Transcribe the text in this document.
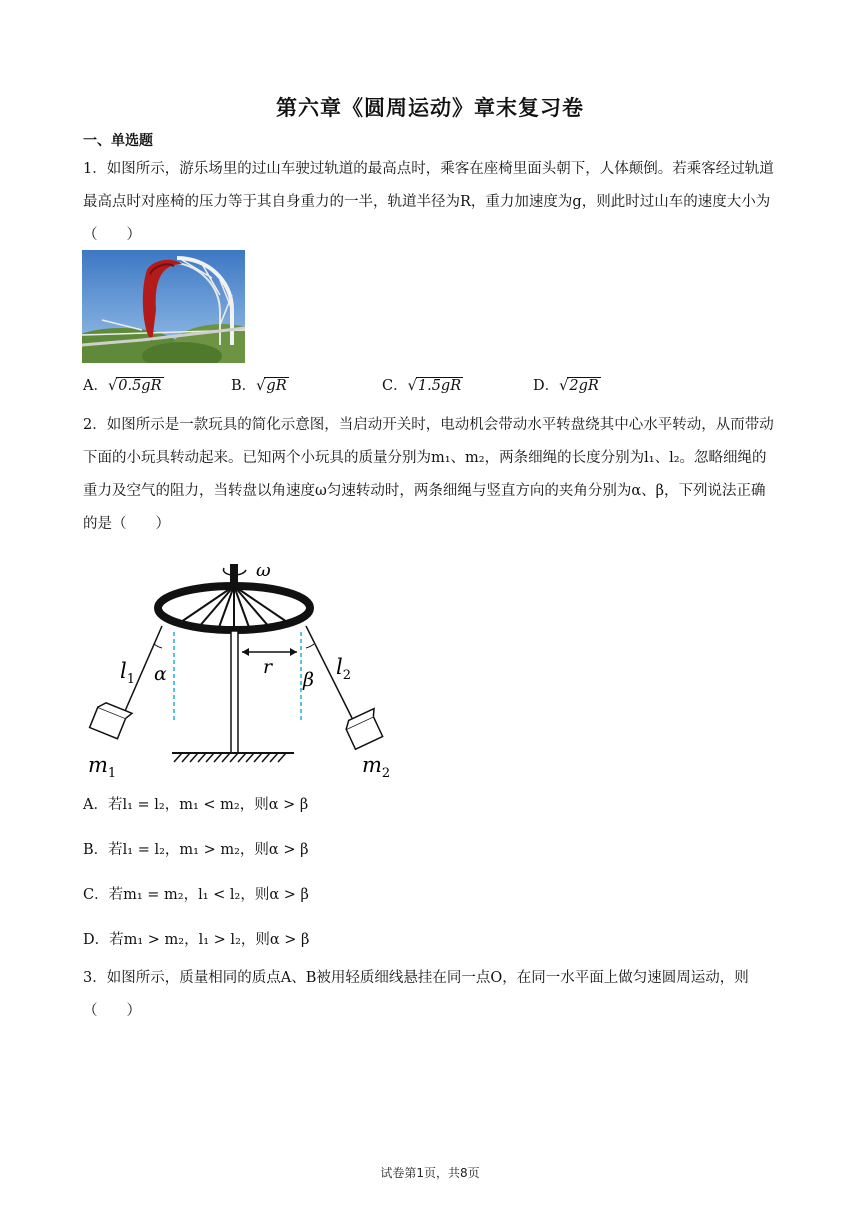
第六章《圆周运动》章末复习卷
一、单选题

1．如图所示，游乐场里的过山车驶过轨道的最高点时，乘客在座椅里面头朝下，人体颠倒。若乘客经过轨道最高点时对座椅的压力等于其自身重力的一半，轨道半径为R，重力加速度为g，则此时过山车的速度大小为（　　）

A．√0.5gR	B．√gR	C．√1.5gR	D．√2gR

2．如图所示是一款玩具的简化示意图，当启动开关时，电动机会带动水平转盘绕其中心水平转动，从而带动下面的小玩具转动起来。已知两个小玩具的质量分别为m₁、m₂，两条细绳的长度分别为l₁、l₂。忽略细绳的重力及空气的阻力，当转盘以角速度ω匀速转动时，两条细绳与竖直方向的夹角分别为α、β，下列说法正确的是（　　）

ω
r
α	β
$l_1$
$l_2$
$m_1$	$m_2$

A．若l₁ = l₂，m₁ < m₂，则α > β

B．若l₁ = l₂，m₁ > m₂，则α > β

C．若m₁ = m₂，l₁ < l₂，则α > β

D．若m₁ > m₂，l₁ > l₂，则α > β

3．如图所示，质量相同的质点A、B被用轻质细线悬挂在同一点O，在同一水平面上做匀速圆周运动，则（　　）

试卷第1页，共8页
